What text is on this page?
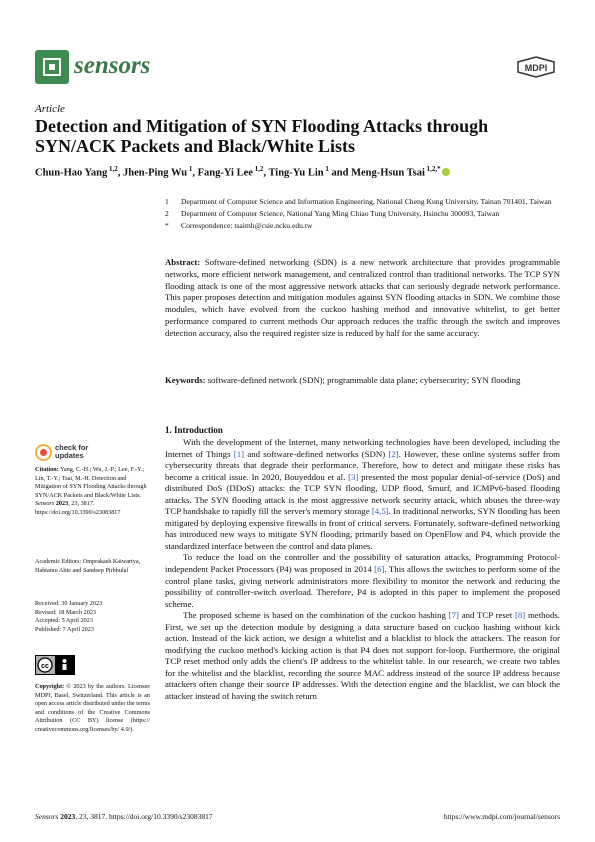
sensors	MDPI
Article
Detection and Mitigation of SYN Flooding Attacks through SYN/ACK Packets and Black/White Lists
Chun-Hao Yang $^{1,2}$, Jhen-Ping Wu $^1$, Fang-Yi Lee $^{1,2}$, Ting-Yu Lin $^1$ and Meng-Hsun Tsai $^{1,2,*}$
1	Department of Computer Science and Information Engineering, National Cheng Kung University, Tainan 701401, Taiwan
2	Department of Computer Science, National Yang Ming Chiao Tung University, Hsinchu 300093, Taiwan
*	Correspondence: tsaimh@csie.ncku.edu.tw

Abstract: Software-defined networking (SDN) is a new network architecture that provides programmable networks, more efficient network management, and centralized control than traditional networks. The TCP SYN flooding attack is one of the most aggressive network attacks that can seriously degrade network performance. This paper proposes detection and mitigation modules against SYN flooding attacks in SDN. We combine those modules, which have evolved from the cuckoo hashing method and innovative whitelist, to get better performance compared to current methods Our approach reduces the traffic through the switch and improves detection accuracy, also the required register size is reduced by half for the same accuracy.

Keywords: software-defined network (SDN); programmable data plane; cybersecurity; SYN flooding

check for
updates

Citation: Yang, C.-H.; Wu, J.-P.; Lee, F.-Y.; Lin, T.-Y.; Tsai, M.-H. Detection and Mitigation of SYN Flooding Attacks through SYN/ACK Packets and Black/White Lists. Sensors 2023, 23, 3817. https://doi.org/10.3390/s23083817

Academic Editors: Omprakash Kaiwartya, Habtamu Abie and Sandeep Pirbhulal

Received: 30 January 2023

Revised: 18 March 2023

Accepted: 5 April 2023

Published: 7 April 2023

cc

Copyright: © 2023 by the authors. Licensee MDPI, Basel, Switzerland. This article is an open access article distributed under the terms and conditions of the Creative Commons Attribution (CC BY) license (https:// creativecommons.org/licenses/by/ 4.0/).

1. Introduction

With the development of the Internet, many networking technologies have been developed, including the Internet of Things [1] and software-defined networks (SDN) [2]. However, these online systems suffer from cybersecurity threats that degrade their performance. Therefore, how to detect and mitigate these risks has become a critical issue. In 2020, Bouyeddou et al. [3] presented the most popular denial-of-service (DoS) and distributed DoS (DDoS) attacks: the TCP SYN flooding, UDP flood, Smurf, and ICMPv6-based flooding attacks. The SYN flooding attack is the most aggressive network security attack, which abuses the three-way TCP handshake to rapidly fill the server's memory storage [4,5]. In traditional networks, SYN flooding has been mitigated by deploying expensive firewalls in front of critical servers. Fortunately, software-defined networking has introduced new ways to mitigate SYN flooding, primarily based on OpenFlow and P4, which provide the standardized interface between the control and data planes.

To reduce the load on the controller and the possibility of saturation attacks, Programming Protocol-independent Packet Processors (P4) was proposed in 2014 [6]. This allows the switches to perform some of the control plane tasks, giving network administrators more flexibility to monitor the network and reducing the possibility of controller-switch overload. Therefore, P4 is adopted in this paper to implement the proposed scheme.

The proposed scheme is based on the combination of the cuckoo hashing [7] and TCP reset [8] methods. First, we set up the detection module by designing a data structure based on cuckoo hashing without kick action. Instead of the kick action, we design a whitelist and a blacklist to block the attackers. The reason for modifying the cuckoo method's kicking action is that P4 does not support for-loop. Furthermore, the original TCP reset method only adds the client's IP address to the whitelist table. In our research, we create two tables for the whitelist and the blacklist, recording the source MAC address instead of the source IP address because attackers often change their source IP addresses. With the detection engine and the blacklist, we can block the attacker instead of having the switch return

Sensors 2023, 23, 3817. https://doi.org/10.3390/s23083817	https://www.mdpi.com/journal/sensors
